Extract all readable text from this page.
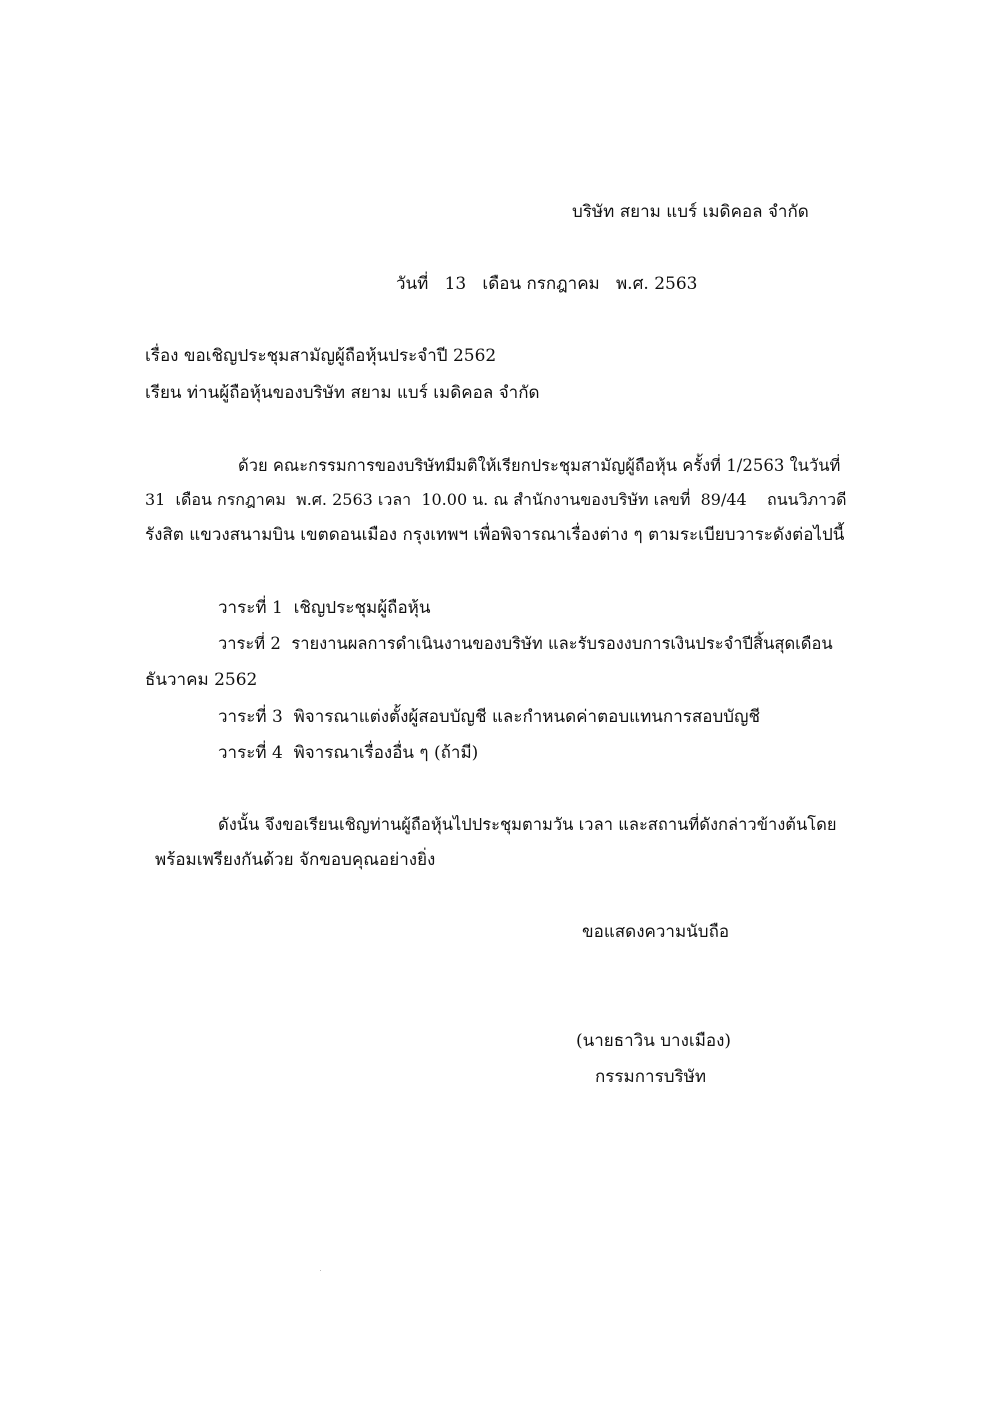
บริษัท สยาม แบร์ เมดิคอล จำกัด
วันที่   13   เดือน กรกฎาคม   พ.ศ. 2563
เรื่อง ขอเชิญประชุมสามัญผู้ถือหุ้นประจำปี 2562
เรียน ท่านผู้ถือหุ้นของบริษัท สยาม แบร์ เมดิคอล จำกัด
ด้วย คณะกรรมการของบริษัทมีมติให้เรียกประชุมสามัญผู้ถือหุ้น ครั้งที่ 1/2563 ในวันที่
31  เดือน กรกฎาคม  พ.ศ. 2563 เวลา  10.00 น. ณ สำนักงานของบริษัท เลขที่  89/44    ถนนวิภาวดี
รังสิต แขวงสนามบิน เขตดอนเมือง กรุงเทพฯ เพื่อพิจารณาเรื่องต่าง ๆ ตามระเบียบวาระดังต่อไปนี้
วาระที่ 1  เชิญประชุมผู้ถือหุ้น
วาระที่ 2  รายงานผลการดำเนินงานของบริษัท และรับรองงบการเงินประจำปีสิ้นสุดเดือน
ธันวาคม 2562
วาระที่ 3  พิจารณาแต่งตั้งผู้สอบบัญชี และกำหนดค่าตอบแทนการสอบบัญชี
วาระที่ 4  พิจารณาเรื่องอื่น ๆ (ถ้ามี)
ดังนั้น จึงขอเรียนเชิญท่านผู้ถือหุ้นไปประชุมตามวัน เวลา และสถานที่ดังกล่าวข้างต้นโดย
พร้อมเพรียงกันด้วย จักขอบคุณอย่างยิ่ง
ขอแสดงความนับถือ
(นายธาวิน บางเมือง)
กรรมการบริษัท
